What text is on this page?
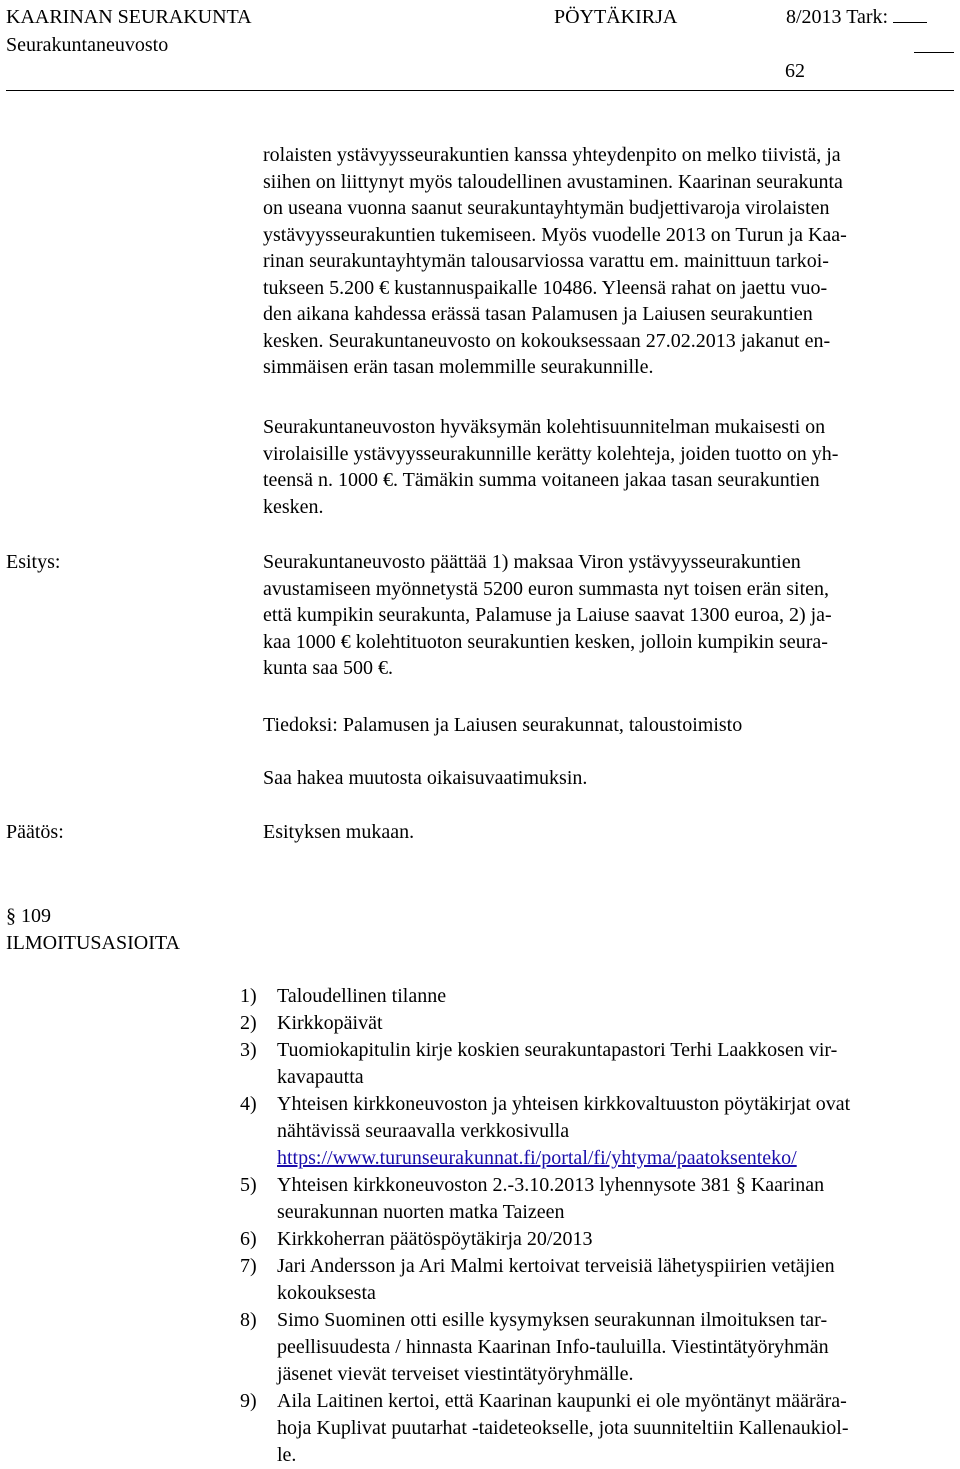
KAARINAN SEURAKUNTA
Seurakuntaneuvosto
PÖYTÄKIRJA	8/2013 Tark:
62
rolaisten ystävyysseurakuntien kanssa yhteydenpito on melko tiivistä, ja
siihen on liittynyt myös taloudellinen avustaminen. Kaarinan seurakunta
on useana vuonna saanut seurakuntayhtymän budjettivaroja virolaisten
ystävyysseurakuntien tukemiseen. Myös vuodelle 2013 on Turun ja Kaa-
rinan seurakuntayhtymän talousarviossa varattu em. mainittuun tarkoi-
tukseen 5.200 € kustannuspaikalle 10486. Yleensä rahat on jaettu vuo-
den aikana kahdessa erässä tasan Palamusen ja Laiusen seurakuntien
kesken. Seurakuntaneuvosto on kokouksessaan 27.02.2013 jakanut en-
simmäisen erän tasan molemmille seurakunnille.
Seurakuntaneuvoston hyväksymän kolehtisuunnitelman mukaisesti on
virolaisille ystävyysseurakunnille kerätty kolehteja, joiden tuotto on yh-
teensä n. 1000 €. Tämäkin summa voitaneen jakaa tasan seurakuntien
kesken.
Esitys:	Seurakuntaneuvosto päättää 1) maksaa Viron ystävyysseurakuntien
avustamiseen myönnetystä 5200 euron summasta nyt toisen erän siten,
että kumpikin seurakunta, Palamuse ja Laiuse saavat 1300 euroa, 2) ja-
kaa 1000 € kolehtituoton seurakuntien kesken, jolloin kumpikin seura-
kunta saa 500 €.
Tiedoksi: Palamusen ja Laiusen seurakunnat, taloustoimisto
Saa hakea muutosta oikaisuvaatimuksin.
Päätös:	Esityksen mukaan.
§ 109
ILMOITUSASIOITA
1) Taloudellinen tilanne
2) Kirkkopäivät
3) Tuomiokapitulin kirje koskien seurakuntapastori Terhi Laakkosen vir-
kavapautta
4) Yhteisen kirkkoneuvoston ja yhteisen kirkkovaltuuston pöytäkirjat ovat
nähtävissä seuraavalla verkkosivulla
https://www.turunseurakunnat.fi/portal/fi/yhtyma/paatoksenteko/
5) Yhteisen kirkkoneuvoston 2.-3.10.2013 lyhennysote 381 § Kaarinan
seurakunnan nuorten matka Taizeen
6) Kirkkoherran päätöspöytäkirja 20/2013
7) Jari Andersson ja Ari Malmi kertoivat terveisiä lähetyspiirien vetäjien
kokouksesta
8) Simo Suominen otti esille kysymyksen seurakunnan ilmoituksen tar-
peellisuudesta / hinnasta Kaarinan Info-tauluilla. Viestintätyöryhmän
jäsenet vievät terveiset viestintätyöryhmälle.
9) Aila Laitinen kertoi, että Kaarinan kaupunki ei ole myöntänyt määrära-
hoja Kuplivat puutarhat -taideteokselle, jota suunniteltiin Kallenaukiol-
le.
